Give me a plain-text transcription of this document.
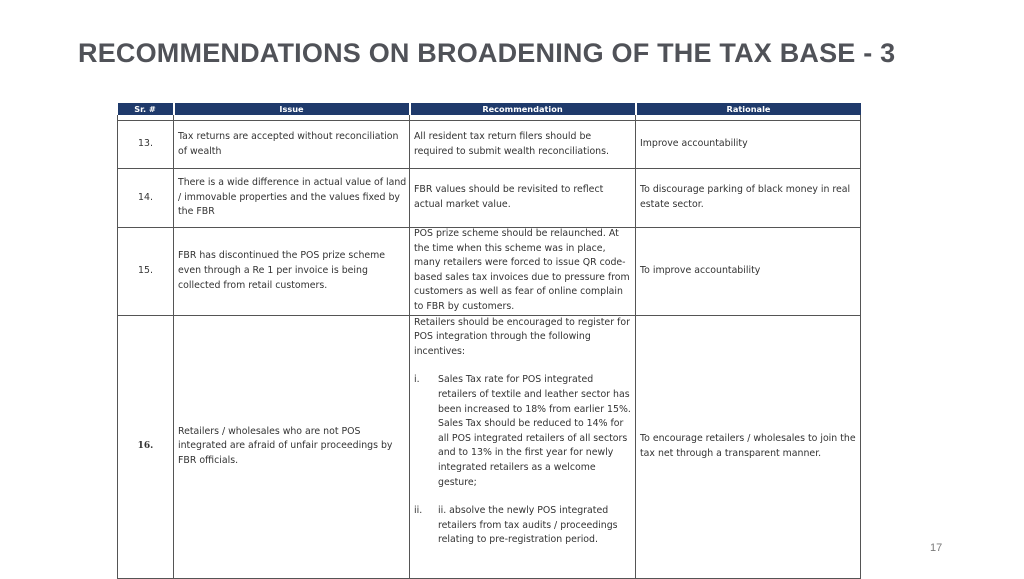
RECOMMENDATIONS ON BROADENING OF THE TAX BASE - 3
Sr. #	Issue	Recommendation	Rationale

13.	Tax returns are accepted without reconciliation of wealth	All resident tax return filers should be required to submit wealth reconciliations.	Improve accountability
14.	There is a wide difference in actual value of land / immovable properties and the values fixed by the FBR	FBR values should be revisited to reflect actual market value.	To discourage parking of black money in real estate sector.
15.	FBR has discontinued the POS prize scheme even through a Re 1 per invoice is being collected from retail customers.	POS prize scheme should be relaunched. At the time when this scheme was in place, many retailers were forced to issue QR code-based sales tax invoices due to pressure from customers as well as fear of online complain to FBR by customers.	To improve accountability
16.	Retailers / wholesales who are not POS integrated are afraid of unfair proceedings by FBR officials.	Retailers should be encouraged to register for POS integration through the following incentives:
i. Sales Tax rate for POS integrated retailers of textile and leather sector has been increased to 18% from earlier 15%. Sales Tax should be reduced to 14% for all POS integrated retailers of all sectors and to 13% in the first year for newly integrated retailers as a welcome gesture;
ii. ii. absolve the newly POS integrated retailers from tax audits / proceedings relating to pre-registration period.	To encourage retailers / wholesales to join the tax net through a transparent manner.
17
